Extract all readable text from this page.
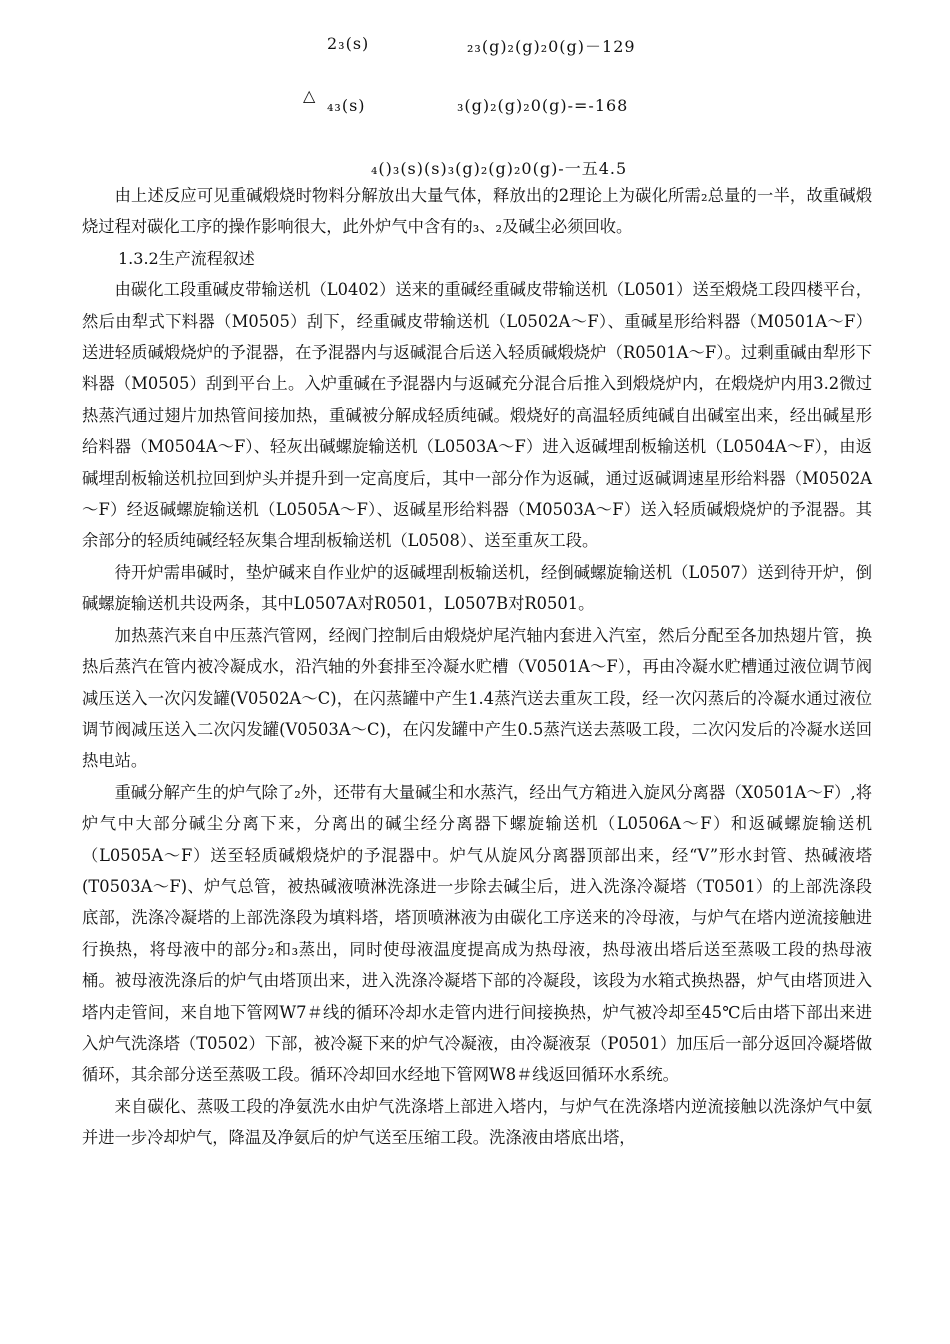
2₃(s)	₂₃(g)₂(g)₂0(g)－129
△
₄₃(s)	₃(g)₂(g)₂0(g)-=-168
₄()₃(s)(s)₃(g)₂(g)₂0(g)-一五4.5

由上述反应可见重碱煅烧时物料分解放出大量气体，释放出的2理论上为碳化所需₂总量的一半，故重碱煅烧过程对碳化工序的操作影响很大，此外炉气中含有的₃、₂及碱尘必须回收。

1.3.2生产流程叙述

由碳化工段重碱皮带输送机（L0402）送来的重碱经重碱皮带输送机（L0501）送至煅烧工段四楼平台，然后由犁式下料器（M0505）刮下，经重碱皮带输送机（L0502A～F）、重碱星形给料器（M0501A～F）送进轻质碱煅烧炉的予混器，在予混器内与返碱混合后送入轻质碱煅烧炉（R0501A～F）。过剩重碱由犁形下料器（M0505）刮到平台上。入炉重碱在予混器内与返碱充分混合后推入到煅烧炉内，在煅烧炉内用3.2微过热蒸汽通过翅片加热管间接加热，重碱被分解成轻质纯碱。煅烧好的高温轻质纯碱自出碱室出来，经出碱星形给料器（M0504A～F）、轻灰出碱螺旋输送机（L0503A～F）进入返碱埋刮板输送机（L0504A～F），由返碱埋刮板输送机拉回到炉头并提升到一定高度后，其中一部分作为返碱，通过返碱调速星形给料器（M0502A～F）经返碱螺旋输送机（L0505A～F）、返碱星形给料器（M0503A～F）送入轻质碱煅烧炉的予混器。其余部分的轻质纯碱经轻灰集合埋刮板输送机（L0508）、送至重灰工段。

待开炉需串碱时，垫炉碱来自作业炉的返碱埋刮板输送机，经倒碱螺旋输送机（L0507）送到待开炉，倒碱螺旋输送机共设两条，其中L0507A对R0501，L0507B对R0501。

加热蒸汽来自中压蒸汽管网，经阀门控制后由煅烧炉尾汽轴内套进入汽室，然后分配至各加热翅片管，换热后蒸汽在管内被冷凝成水，沿汽轴的外套排至冷凝水贮槽（V0501A～F），再由冷凝水贮槽通过液位调节阀减压送入一次闪发罐(V0502A～C)，在闪蒸罐中产生1.4蒸汽送去重灰工段，经一次闪蒸后的冷凝水通过液位调节阀减压送入二次闪发罐(V0503A～C)，在闪发罐中产生0.5蒸汽送去蒸吸工段，二次闪发后的冷凝水送回热电站。

重碱分解产生的炉气除了₂外，还带有大量碱尘和水蒸汽，经出气方箱进入旋风分离器（X0501A～F）,将炉气中大部分碱尘分离下来，分离出的碱尘经分离器下螺旋输送机（L0506A～F）和返碱螺旋输送机（L0505A～F）送至轻质碱煅烧炉的予混器中。炉气从旋风分离器顶部出来，经“V”形水封管、热碱液塔(T0503A～F)、炉气总管，被热碱液喷淋洗涤进一步除去碱尘后，进入洗涤冷凝塔（T0501）的上部洗涤段底部，洗涤冷凝塔的上部洗涤段为填料塔，塔顶喷淋液为由碳化工序送来的冷母液，与炉气在塔内逆流接触进行换热，将母液中的部分₂和₃蒸出，同时使母液温度提高成为热母液，热母液出塔后送至蒸吸工段的热母液桶。被母液洗涤后的炉气由塔顶出来，进入洗涤冷凝塔下部的冷凝段，该段为水箱式换热器，炉气由塔顶进入塔内走管间，来自地下管网W7＃线的循环冷却水走管内进行间接换热，炉气被冷却至45℃后由塔下部出来进入炉气洗涤塔（T0502）下部，被冷凝下来的炉气冷凝液，由冷凝液泵（P0501）加压后一部分返回冷凝塔做循环，其余部分送至蒸吸工段。循环冷却回水经地下管网W8＃线返回循环水系统。

来自碳化、蒸吸工段的净氨洗水由炉气洗涤塔上部进入塔内，与炉气在洗涤塔内逆流接触以洗涤炉气中氨并进一步冷却炉气，降温及净氨后的炉气送至压缩工段。洗涤液由塔底出塔，
